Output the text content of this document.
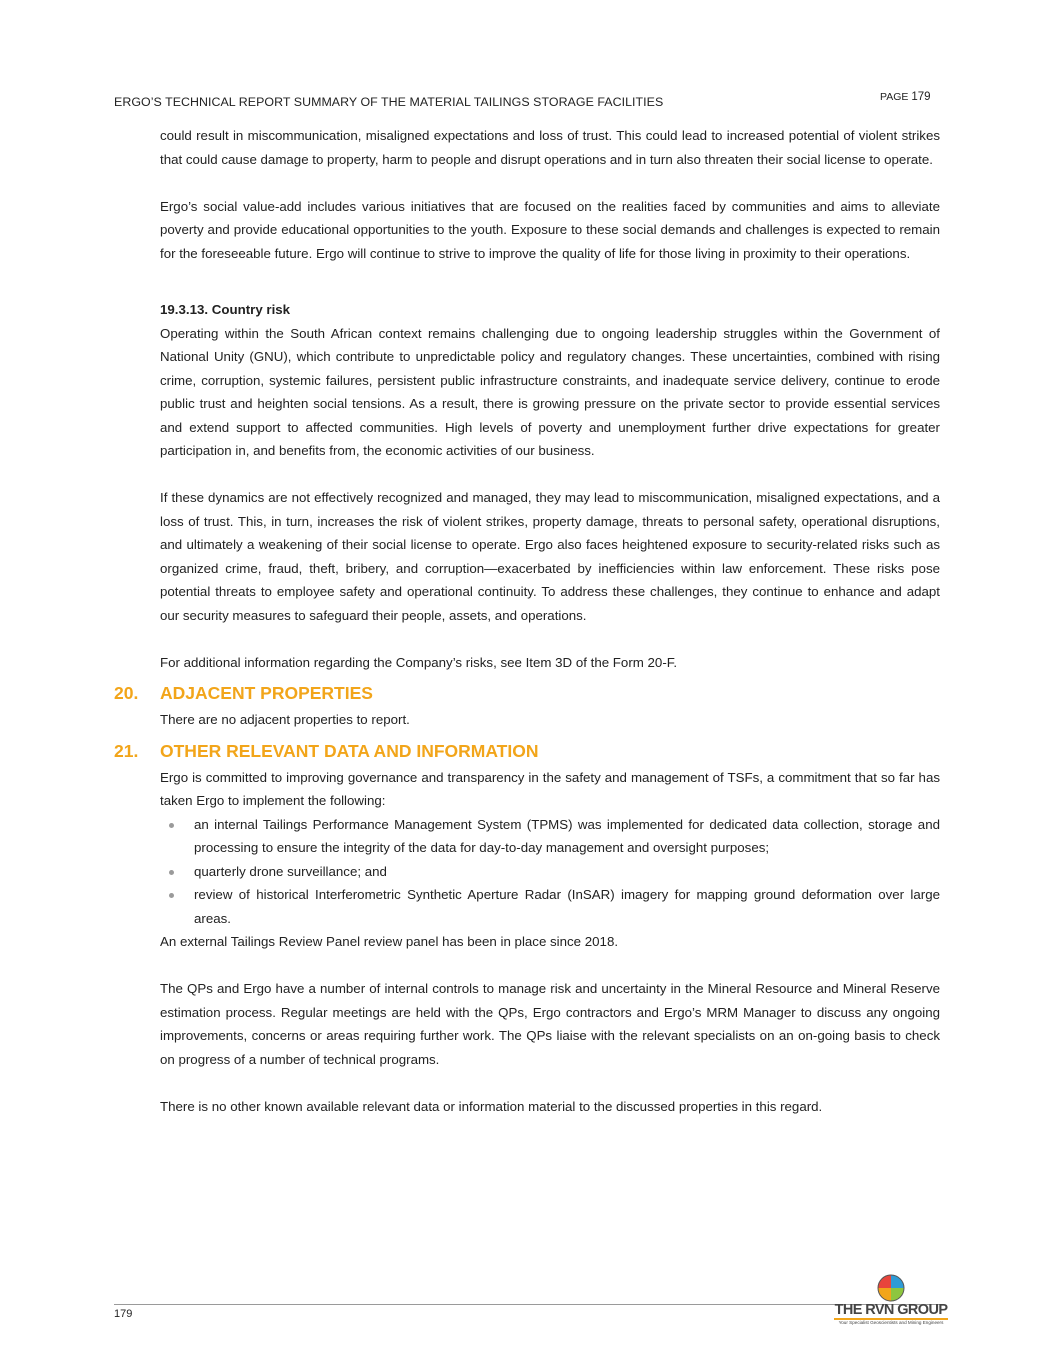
ERGO’S TECHNICAL REPORT SUMMARY OF THE MATERIAL TAILINGS STORAGE FACILITIES	PAGE 179

could result in miscommunication, misaligned expectations and loss of trust. This could lead to increased potential of violent strikes that could cause damage to property, harm to people and disrupt operations and in turn also threaten their social license to operate.

Ergo’s social value-add includes various initiatives that are focused on the realities faced by communities and aims to alleviate poverty and provide educational opportunities to the youth. Exposure to these social demands and challenges is expected to remain for the foreseeable future. Ergo will continue to strive to improve the quality of life for those living in proximity to their operations.

19.3.13. Country risk

Operating within the South African context remains challenging due to ongoing leadership struggles within the Government of National Unity (GNU), which contribute to unpredictable policy and regulatory changes. These uncertainties, combined with rising crime, corruption, systemic failures, persistent public infrastructure constraints, and inadequate service delivery, continue to erode public trust and heighten social tensions. As a result, there is growing pressure on the private sector to provide essential services and extend support to affected communities. High levels of poverty and unemployment further drive expectations for greater participation in, and benefits from, the economic activities of our business.

If these dynamics are not effectively recognized and managed, they may lead to miscommunication, misaligned expectations, and a loss of trust. This, in turn, increases the risk of violent strikes, property damage, threats to personal safety, operational disruptions, and ultimately a weakening of their social license to operate. Ergo also faces heightened exposure to security-related risks such as organized crime, fraud, theft, bribery, and corruption—exacerbated by inefficiencies within law enforcement. These risks pose potential threats to employee safety and operational continuity. To address these challenges, they continue to enhance and adapt our security measures to safeguard their people, assets, and operations.

For additional information regarding the Company’s risks, see Item 3D of the Form 20-F.

20. ADJACENT PROPERTIES

There are no adjacent properties to report.

21. OTHER RELEVANT DATA AND INFORMATION

Ergo is committed to improving governance and transparency in the safety and management of TSFs, a commitment that so far has taken Ergo to implement the following:

an internal Tailings Performance Management System (TPMS) was implemented for dedicated data collection, storage and processing to ensure the integrity of the data for day-to-day management and oversight purposes;
quarterly drone surveillance; and
review of historical Interferometric Synthetic Aperture Radar (InSAR) imagery for mapping ground deformation over large areas.

An external Tailings Review Panel review panel has been in place since 2018.

The QPs and Ergo have a number of internal controls to manage risk and uncertainty in the Mineral Resource and Mineral Reserve estimation process. Regular meetings are held with the QPs, Ergo contractors and Ergo’s MRM Manager to discuss any ongoing improvements, concerns or areas requiring further work. The QPs liaise with the relevant specialists on an on-going basis to check on progress of a number of technical programs.

There is no other known available relevant data or information material to the discussed properties in this regard.

179	THE RVN GROUP
Your Specialist Geoscientists and Mining Engineers
